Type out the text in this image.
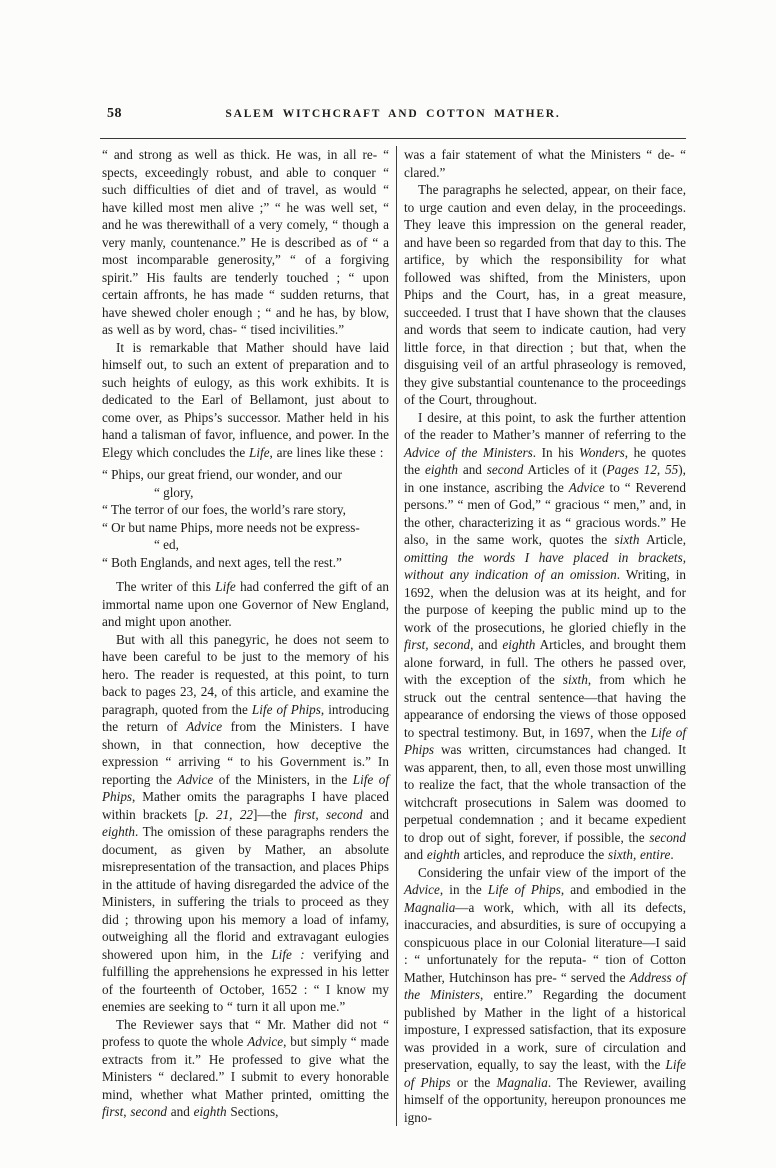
58	SALEM WITCHCRAFT AND COTTON MATHER.

“ and strong as well as thick. He was, in all re- “ spects, exceedingly robust, and able to conquer “ such difficulties of diet and of travel, as would “ have killed most men alive ;” “ he was well set, “ and he was therewithall of a very comely, “ though a very manly, countenance.” He is described as of “ a most incomparable generosity,” “ of a forgiving spirit.” His faults are tenderly touched ; “ upon certain affronts, he has made “ sudden returns, that have shewed choler enough ; “ and he has, by blow, as well as by word, chas- “ tised incivilities.”

It is remarkable that Mather should have laid himself out, to such an extent of preparation and to such heights of eulogy, as this work exhibits. It is dedicated to the Earl of Bellamont, just about to come over, as Phips’s successor. Mather held in his hand a talisman of favor, influence, and power. In the Elegy which concludes the Life, are lines like these :

“ Phips, our great friend, our wonder, and our
“ glory,
“ The terror of our foes, the world’s rare story,
“ Or but name Phips, more needs not be express-
“ ed,
“ Both Englands, and next ages, tell the rest.”

The writer of this Life had conferred the gift of an immortal name upon one Governor of New England, and might upon another.

But with all this panegyric, he does not seem to have been careful to be just to the memory of his hero. The reader is requested, at this point, to turn back to pages 23, 24, of this article, and examine the paragraph, quoted from the Life of Phips, introducing the return of Advice from the Ministers. I have shown, in that connection, how deceptive the expression “ arriving “ to his Government is.” In reporting the Advice of the Ministers, in the Life of Phips, Mather omits the paragraphs I have placed within brackets [p. 21, 22]—the first, second and eighth. The omission of these paragraphs renders the document, as given by Mather, an absolute misrepresentation of the transaction, and places Phips in the attitude of having disregarded the advice of the Ministers, in suffering the trials to proceed as they did ; throwing upon his memory a load of infamy, outweighing all the florid and extravagant eulogies showered upon him, in the Life : verifying and fulfilling the apprehensions he expressed in his letter of the fourteenth of October, 1652 : “ I know my enemies are seeking to “ turn it all upon me.”

The Reviewer says that “ Mr. Mather did not “ profess to quote the whole Advice, but simply “ made extracts from it.” He professed to give what the Ministers “ declared.” I submit to every honorable mind, whether what Mather printed, omitting the first, second and eighth Sections,

was a fair statement of what the Ministers “ de- “ clared.”

The paragraphs he selected, appear, on their face, to urge caution and even delay, in the proceedings. They leave this impression on the general reader, and have been so regarded from that day to this. The artifice, by which the responsibility for what followed was shifted, from the Ministers, upon Phips and the Court, has, in a great measure, succeeded. I trust that I have shown that the clauses and words that seem to indicate caution, had very little force, in that direction ; but that, when the disguising veil of an artful phraseology is removed, they give substantial countenance to the proceedings of the Court, throughout.

I desire, at this point, to ask the further attention of the reader to Mather’s manner of referring to the Advice of the Ministers. In his Wonders, he quotes the eighth and second Articles of it (Pages 12, 55), in one instance, ascribing the Advice to “ Reverend persons.” “ men of God,” “ gracious “ men,” and, in the other, characterizing it as “ gracious words.” He also, in the same work, quotes the sixth Article, omitting the words I have placed in brackets, without any indication of an omission. Writing, in 1692, when the delusion was at its height, and for the purpose of keeping the public mind up to the work of the prosecutions, he gloried chiefly in the first, second, and eighth Articles, and brought them alone forward, in full. The others he passed over, with the exception of the sixth, from which he struck out the central sentence—that having the appearance of endorsing the views of those opposed to spectral testimony. But, in 1697, when the Life of Phips was written, circumstances had changed. It was apparent, then, to all, even those most unwilling to realize the fact, that the whole transaction of the witchcraft prosecutions in Salem was doomed to perpetual condemnation ; and it became expedient to drop out of sight, forever, if possible, the second and eighth articles, and reproduce the sixth, entire.

Considering the unfair view of the import of the Advice, in the Life of Phips, and embodied in the Magnalia—a work, which, with all its defects, inaccuracies, and absurdities, is sure of occupying a conspicuous place in our Colonial literature—I said : “ unfortunately for the reputa- “ tion of Cotton Mather, Hutchinson has pre- “ served the Address of the Ministers, entire.” Regarding the document published by Mather in the light of a historical imposture, I expressed satisfaction, that its exposure was provided in a work, sure of circulation and preservation, equally, to say the least, with the Life of Phips or the Magnalia. The Reviewer, availing himself of the opportunity, hereupon pronounces me igno-
